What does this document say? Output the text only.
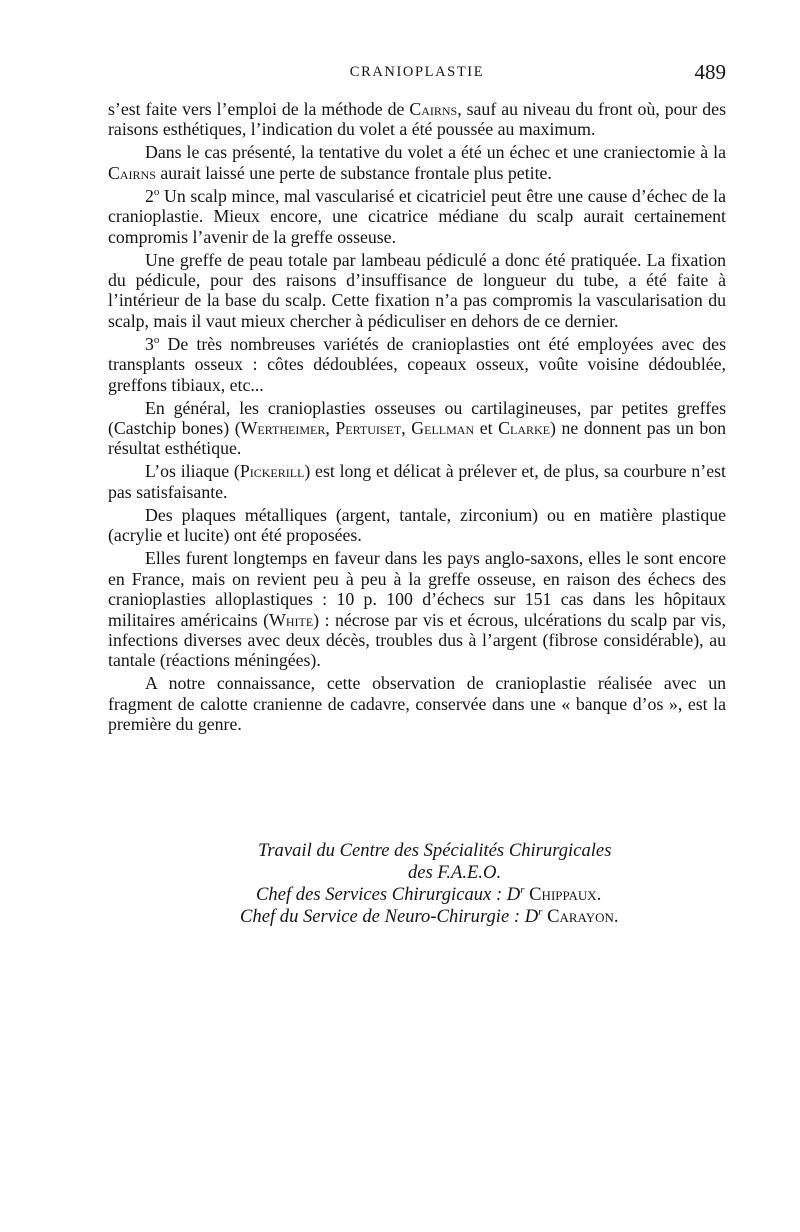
CRANIOPLASTIE	489

s’est faite vers l’emploi de la méthode de Cairns, sauf au niveau du front où, pour des raisons esthétiques, l’indication du volet a été poussée au maximum.

Dans le cas présenté, la tentative du volet a été un échec et une craniectomie à la Cairns aurait laissé une perte de substance frontale plus petite.

2$^o$ Un scalp mince, mal vascularisé et cicatriciel peut être une cause d’échec de la cranioplastie. Mieux encore, une cicatrice médiane du scalp aurait certainement compromis l’avenir de la greffe osseuse.

Une greffe de peau totale par lambeau pédiculé a donc été pratiquée. La fixation du pédicule, pour des raisons d’insuffisance de longueur du tube, a été faite à l’intérieur de la base du scalp. Cette fixation n’a pas compromis la vascularisation du scalp, mais il vaut mieux chercher à pédiculiser en dehors de ce dernier.

3$^o$ De très nombreuses variétés de cranioplasties ont été employées avec des transplants osseux : côtes dédoublées, copeaux osseux, voûte voisine dédoublée, greffons tibiaux, etc...

En général, les cranioplasties osseuses ou cartilagineuses, par petites greffes (Castchip bones) (Wertheimer, Pertuiset, Gellman et Clarke) ne donnent pas un bon résultat esthétique.

L’os iliaque (Pickerill) est long et délicat à prélever et, de plus, sa courbure n’est pas satisfaisante.

Des plaques métalliques (argent, tantale, zirconium) ou en matière plastique (acrylie et lucite) ont été proposées.

Elles furent longtemps en faveur dans les pays anglo-saxons, elles le sont encore en France, mais on revient peu à peu à la greffe osseuse, en raison des échecs des cranioplasties alloplastiques : 10 p. 100 d’échecs sur 151 cas dans les hôpitaux militaires américains (White) : nécrose par vis et écrous, ulcérations du scalp par vis, infections diverses avec deux décès, troubles dus à l’argent (fibrose considérable), au tantale (réactions méningées).

A notre connaissance, cette observation de cranioplastie réalisée avec un fragment de calotte cranienne de cadavre, conservée dans une « banque d’os », est la première du genre.

Travail du Centre des Spécialités Chirurgicales
des F.A.E.O.
Chef des Services Chirurgicaux : $D^r$ Chippaux.
Chef du Service de Neuro-Chirurgie : $D^r$ Carayon.
